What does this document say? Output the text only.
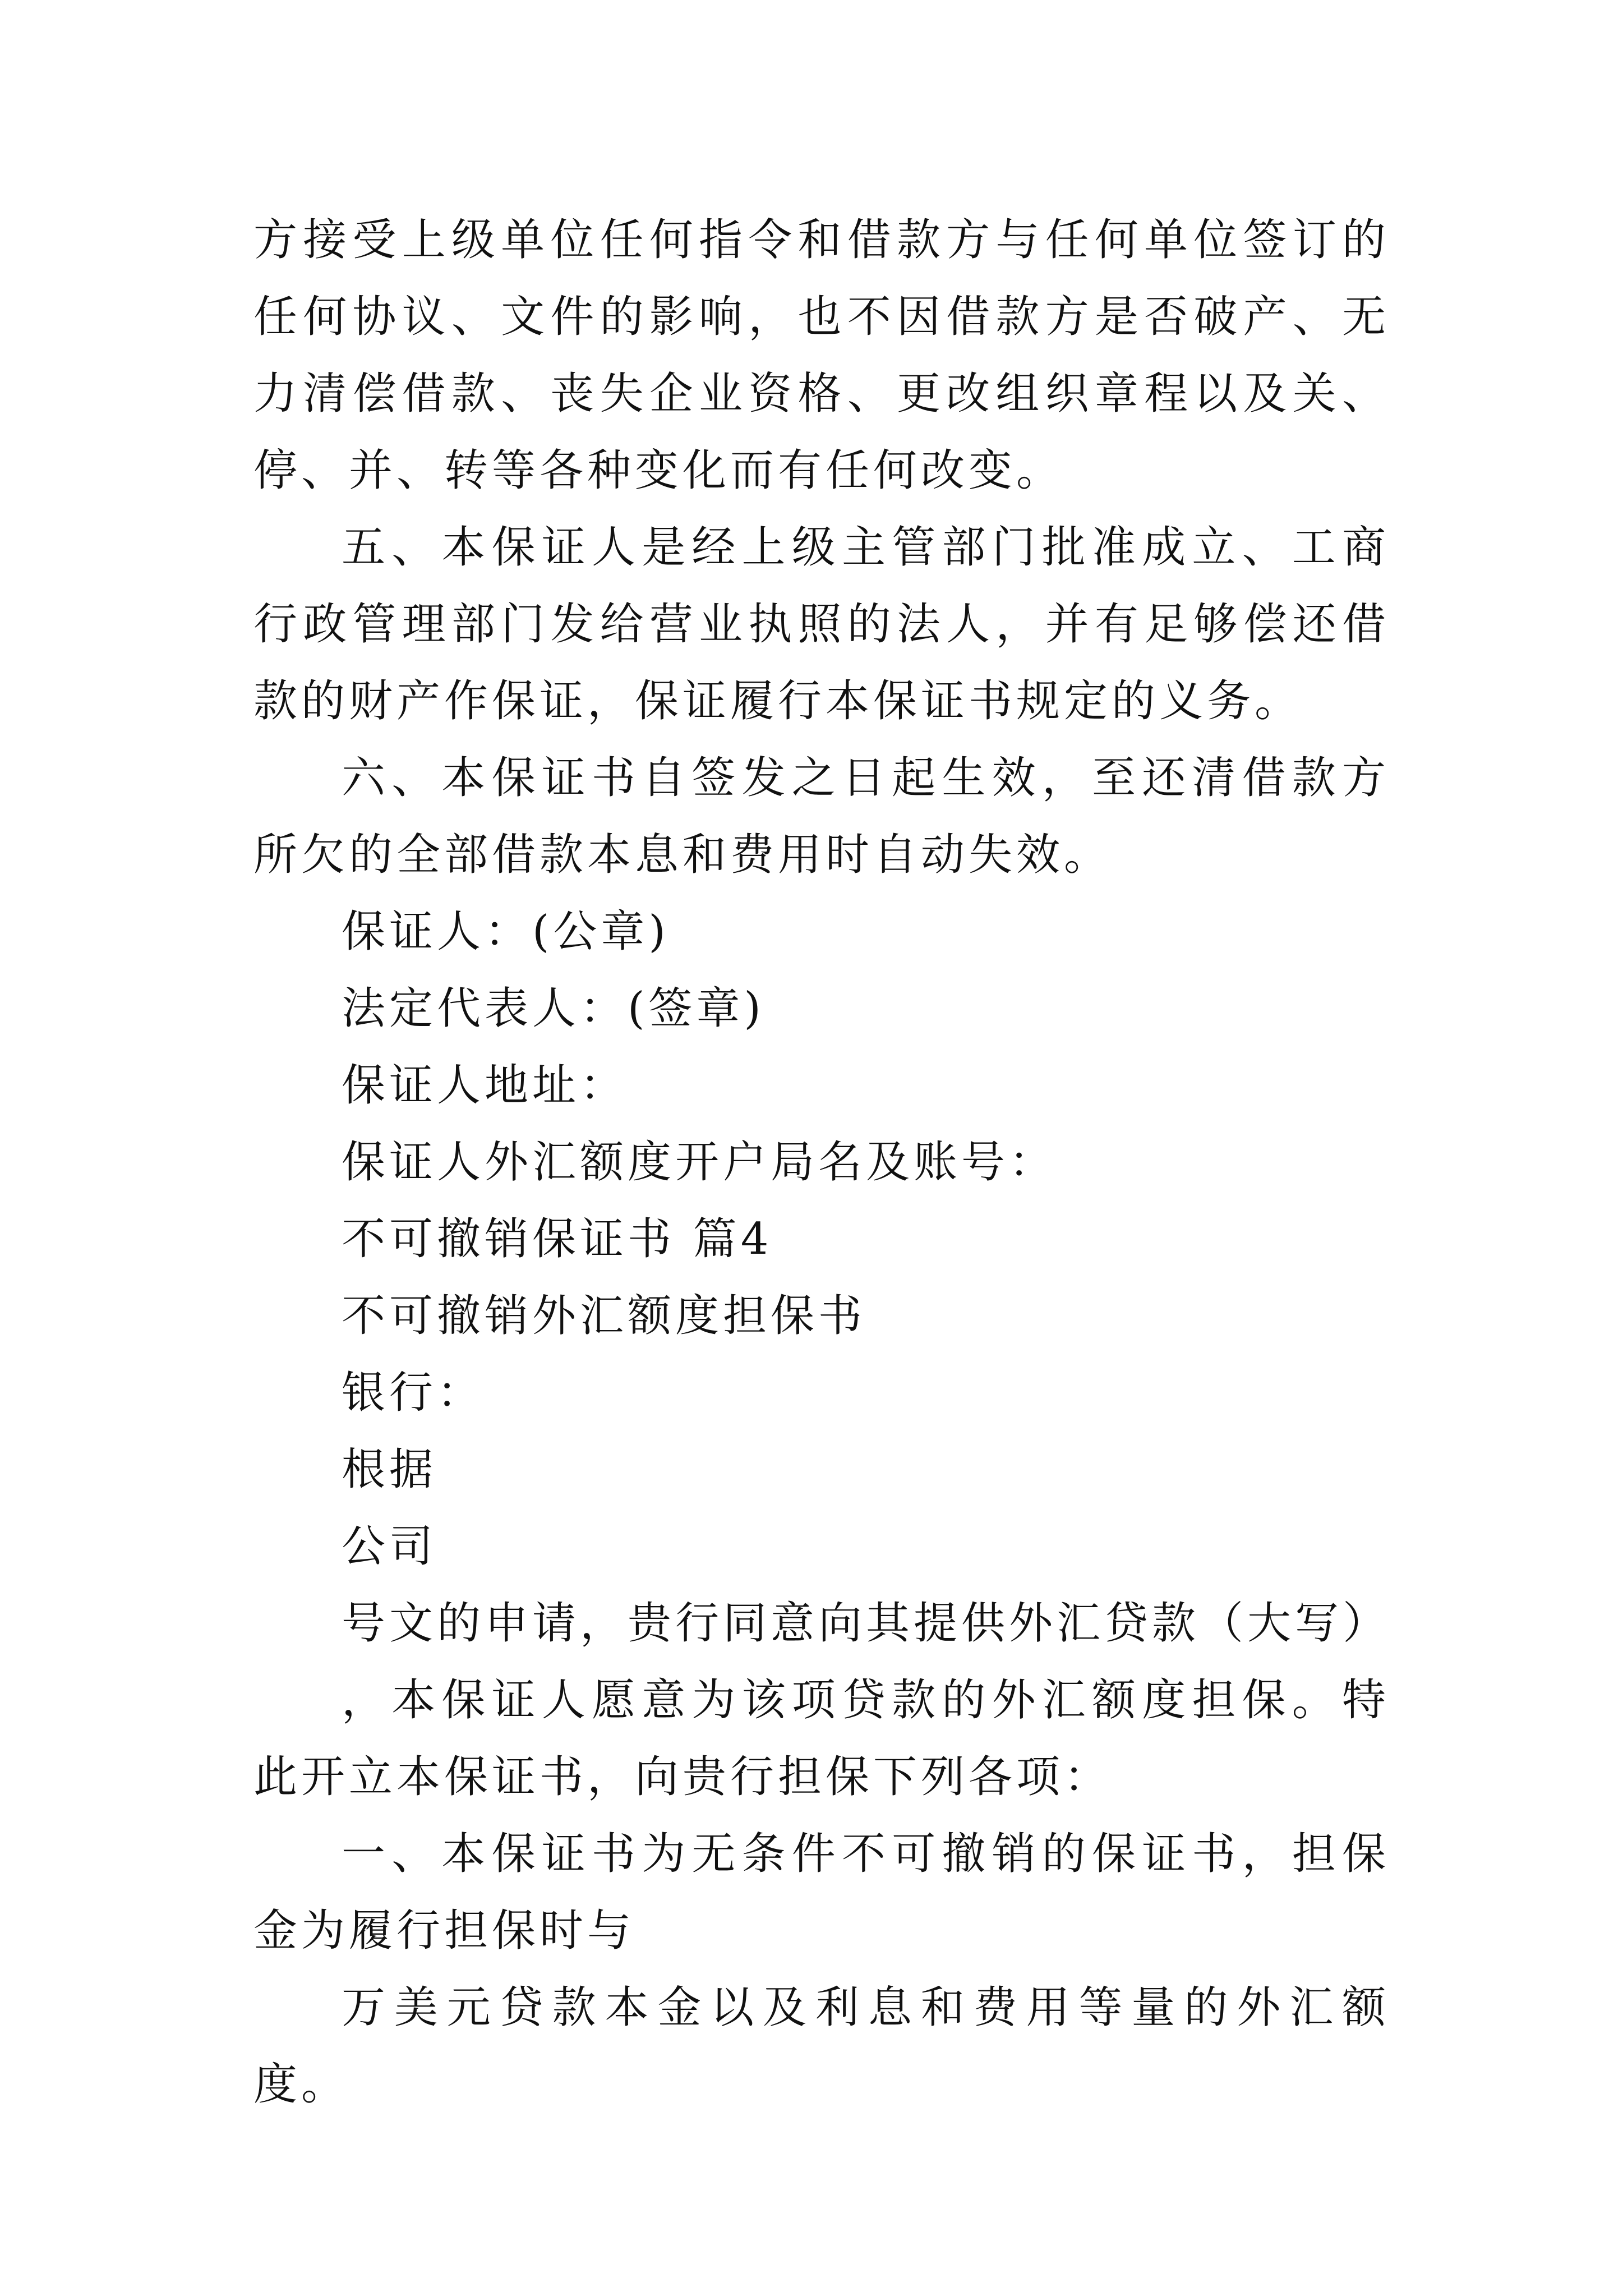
方接受上级单位任何指令和借款方与任何单位签订的任何协议、文件的影响，也不因借款方是否破产、无力清偿借款、丧失企业资格、更改组织章程以及关、停、并、转等各种变化而有任何改变。

五、本保证人是经上级主管部门批准成立、工商行政管理部门发给营业执照的法人，并有足够偿还借款的财产作保证，保证履行本保证书规定的义务。

六、本保证书自签发之日起生效，至还清借款方所欠的全部借款本息和费用时自动失效。

保证人：(公章)

法定代表人：(签章)

保证人地址：

保证人外汇额度开户局名及账号：

不可撤销保证书 篇4

不可撤销外汇额度担保书

银行：

根据

公司

号文的申请，贵行同意向其提供外汇贷款（大写）

，本保证人愿意为该项贷款的外汇额度担保。特此开立本保证书，向贵行担保下列各项：

一、本保证书为无条件不可撤销的保证书，担保金为履行担保时与

万美元贷款本金以及利息和费用等量的外汇额度。
